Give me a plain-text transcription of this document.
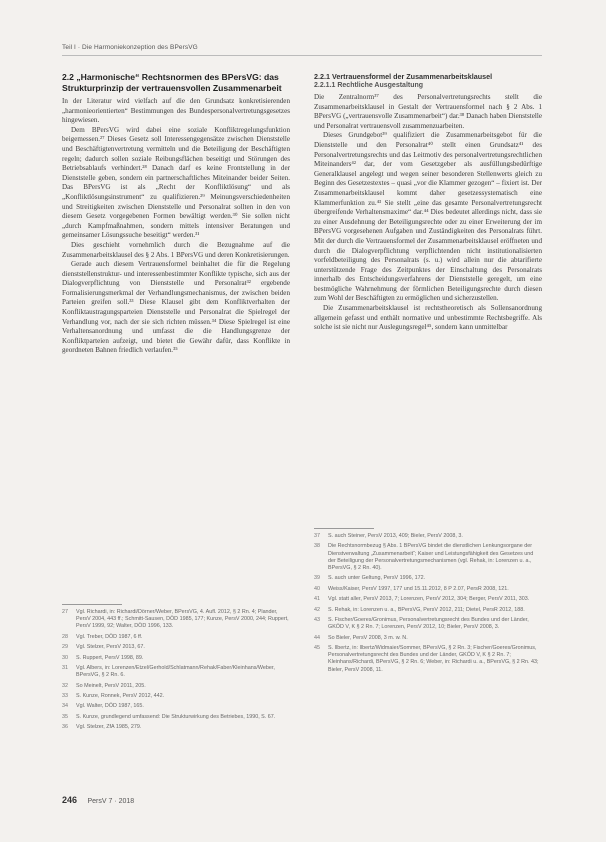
Teil I · Die Harmoniekonzeption des BPersVG
2.2 „Harmonische“ Rechtsnormen des BPersVG: das Strukturprinzip der vertrauensvollen Zusammenarbeit

In der Literatur wird vielfach auf die den Grundsatz konkretisierenden „harmonieorientierten“ Bestimmungen des Bundespersonalvertretungsgesetzes hingewiesen.

Dem BPersVG wird dabei eine soziale Konfliktregelungsfunktion beigemessen.²⁷ Dieses Gesetz soll Interessengegensätze zwischen Dienststelle und Beschäftigtenvertretung vermitteln und die Beteiligung der Beschäftigten regeln; dadurch sollen soziale Reibungsflächen beseitigt und Störungen des Betriebsablaufs verhindert.²⁸ Danach darf es keine Frontstellung in der Dienststelle geben, sondern ein partnerschaftliches Miteinander beider Seiten. Das BPersVG ist als „Recht der Konfliktlösung“ und als „Konfliktlösungsinstrument“ zu qualifizieren.²⁹ Meinungsverschiedenheiten und Streitigkeiten zwischen Dienststelle und Personalrat sollten in den von diesem Gesetz vorgegebenen Formen bewältigt werden.³⁰ Sie sollen nicht „durch Kampfmaßnahmen, sondern mittels intensiver Beratungen und gemeinsamer Lösungssuche beseitigt“ werden.³¹

Dies geschieht vornehmlich durch die Bezugnahme auf die Zusammenarbeitsklausel des § 2 Abs. 1 BPersVG und deren Konkretisierungen.

Gerade auch diesem Vertrauensformel beinhaltet die für die Regelung dienststellenstruktur- und interessenbestimmter Konflikte typische, sich aus der Dialogverpflichtung von Dienststelle und Personalrat³² ergebende Formalisierungsmerkmal der Verhandlungsmechanismus, der zwischen beiden Parteien greifen soll.³³ Diese Klausel gibt dem Konfliktverhalten der Konfliktaustragungsparteien Dienststelle und Personalrat die Spielregel der Verhandlung vor, nach der sie sich richten müssen.³⁴ Diese Spielregel ist eine Verhaltensanordnung und umfasst die die Handlungsgrenze der Konfliktparteien aufzeigt, und bietet die Gewähr dafür, dass Konflikte in geordneten Bahnen friedlich verlaufen.³⁵

27	Vgl. Richardi, in: Richardi/Dörner/Weber, BPersVG, 4. Aufl. 2012, § 2 Rn. 4; Plander, PersV 2004, 443 ff.; Schmitt-Sausen, DÖD 1985, 177; Kunze, PersV 2000, 244; Ruppert, PersV 1999, 92; Walter, DÖD 1996, 133.
28	Vgl. Treber, DÖD 1987, 6 ff.
29	Vgl. Stelzer, PersV 2013, 67.
30	S. Ruppert, PersV 1998, 89.
31	Vgl. Albers, in: Lorenzen/Etzel/Gerhold/Schlatmann/Rehak/Faber/Kleinhans/Weber, BPersVG, § 2 Rn. 6.
32	So Meinelt, PersV 2011, 205.
33	S. Kunze, Ronnek, PersV 2012, 442.
34	Vgl. Walter, DÖD 1987, 165.
35	S. Kunze, grundlegend umfassend: Die Strukturwirkung des Betriebes, 1990, S. 67.
36	Vgl. Stelzer, ZfA 1985, 279.
2.2.1 Vertrauensformel der Zusammenarbeitsklausel
2.2.1.1 Rechtliche Ausgestaltung

Die Zentralnorm³⁷ des Personalvertretungsrechts stellt die Zusammenarbeitsklausel in Gestalt der Vertrauensformel nach § 2 Abs. 1 BPersVG („vertrauensvolle Zusammenarbeit“) dar.³⁸ Danach haben Dienststelle und Personalrat vertrauensvoll zusammenzuarbeiten.

Dieses Grundgebot³⁹ qualifiziert die Zusammenarbeitsgebot für die Dienststelle und den Personalrat⁴⁰ stellt einen Grundsatz⁴¹ des Personalvertretungsrechts und das Leitmotiv des personalvertretungsrechtlichen Miteinanders⁴² dar, der vom Gesetzgeber als ausfüllungsbedürftige Generalklausel angelegt und wegen seiner besonderen Stellenwerts gleich zu Beginn des Gesetzestextes – quasi „vor die Klammer gezogen“ – fixiert ist. Der Zusammenarbeitsklausel kommt daher gesetzessystematisch eine Klammerfunktion zu.⁴³ Sie stellt „eine das gesamte Personalvertretungsrecht übergreifende Verhaltensmaxime“ dar.⁴⁴ Dies bedeutet allerdings nicht, dass sie zu einer Ausdehnung der Beteiligungsrechte oder zu einer Erweiterung der im BPersVG vorgesehenen Aufgaben und Zuständigkeiten des Personalrats führt. Mit der durch die Vertrauensformel der Zusammenarbeitsklausel eröffneten und durch die Dialogverpflichtung verpflichtenden nicht institutionalisierten vorfeldbeteiligung des Personalrats (s. u.) wird allein nur die abtarifierte unterstützende Frage des Zeitpunktes der Einschaltung des Personalrats innerhalb des Entscheidungsverfahrens der Dienststelle geregelt, um eine bestmögliche Wahrnehmung der förmlichen Beteiligungsrechte durch diesen zum Wohl der Beschäftigten zu ermöglichen und sicherzustellen.

Die Zusammenarbeitsklausel ist rechtstheoretisch als Sollensanordnung allgemein gefasst und enthält normative und unbestimmte Rechtsbegriffe. Als solche ist sie nicht nur Auslegungsregel⁴⁵, sondern kann unmittelbar

37	S. auch Steiner, PersV 2013, 409; Bieler, PersV 2008, 3.
38	Die Rechtsnormbezug § Abs. 1 BPersVG bindet die dienstlichen Lenkungsorgane der Dienstverwaltung „Zusammenarbeit“; Kaiser und Leistungsfähigkeit des Gesetzes und der Beteiligung der Personalvertretungsmechanismen (vgl. Rehak, in: Lorenzen u. a., BPersVG, § 2 Rn. 40).
39	S. auch unter Geltung, PersV 1996, 172.
40	Weiss/Kaiser, PersV 1997, 177 und 15.11.2012, 8 P 2.07, PersR 2008, 121.
41	Vgl. statt aller, PersV 2013, 7; Lorenzen, PersV 2012, 304; Berger, PersV 2011, 303.
42	S. Rehak, in: Lorenzen u. a., BPersVG, PersV 2012, 211; Dietel, PersR 2012, 188.
43	S. Fischer/Goeres/Gronimus, Personalvertretungsrecht des Bundes und der Länder, GKÖD V, K § 2 Rn. 7; Lorenzen, PersV 2012, 10; Bieler, PersV 2008, 3.
44	So Bieler, PersV 2008, 3 m. w. N.
45	S. Ilbertz, in: Ilbertz/Widmaier/Sommer, BPersVG, § 2 Rn. 3; Fischer/Goeres/Gronimus, Personalvertretungsrecht des Bundes und der Länder, GKÖD V, K § 2 Rn. 7; Kleinhans/Richardi, BPersVG, § 2 Rn. 6; Weber, in: Richardi u. a., BPersVG, § 2 Rn. 43; Bieler, PersV 2008, 11.
246 PersV 7 · 2018
